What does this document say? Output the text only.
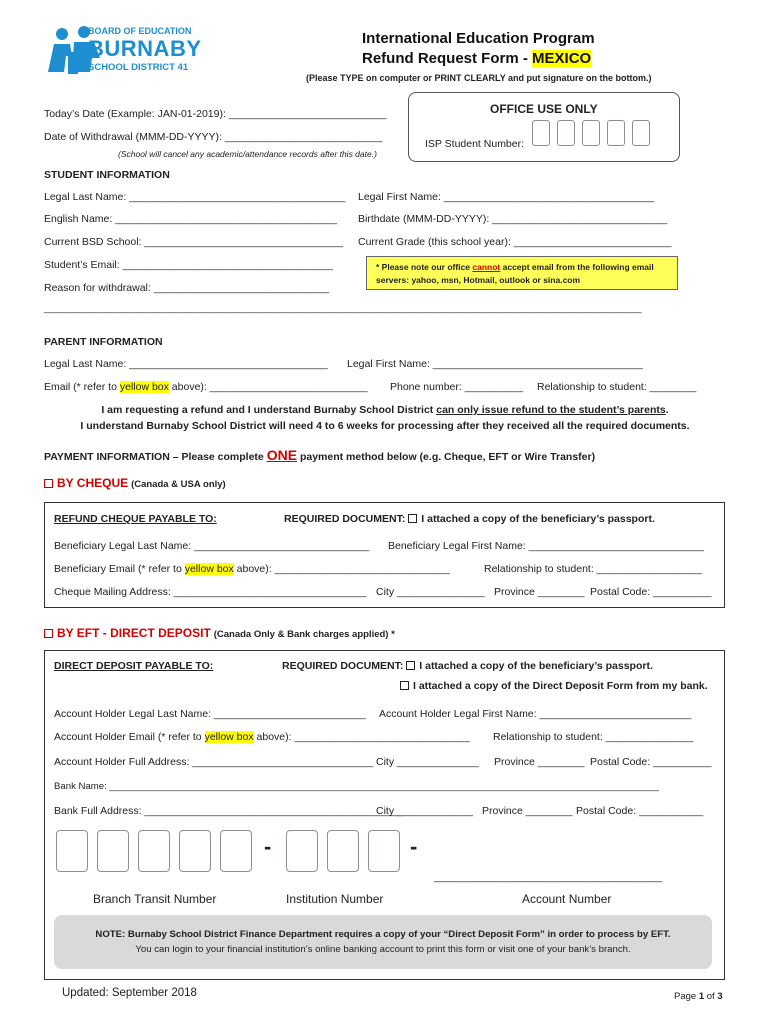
BOARD OF EDUCATION
BURNABY
SCHOOL DISTRICT 41
International Education Program
Refund Request Form - MEXICO
(Please TYPE on computer or PRINT CLEARLY and put signature on the bottom.)
Today’s Date (Example: JAN-01-2019): ___________________________
Date of Withdrawal (MMM-DD-YYYY): ___________________________
(School will cancel any academic/attendance records after this date.)
OFFICE USE ONLY
ISP Student Number:
STUDENT INFORMATION
Legal Last Name: _____________________________________ Legal First Name: ____________________________________
English Name: ______________________________________ Birthdate (MMM-DD-YYYY): ______________________________
Current BSD School: __________________________________ Current Grade (this school year): ___________________________
Student’s Email: ____________________________________
Reason for withdrawal: ______________________________
________________________________________________________________________________________________________________
* Please note our office cannot accept email from the following email
servers: yahoo, msn, Hotmail, outlook or sina.com
PARENT INFORMATION
Legal Last Name: __________________________________ Legal First Name: ____________________________________
Email (* refer to yellow box above): ___________________________ Phone number: __________ Relationship to student: ________
I am requesting a refund and I understand Burnaby School District can only issue refund to the student’s parents.
I understand Burnaby School District will need 4 to 6 weeks for processing after they received all the required documents.
PAYMENT INFORMATION – Please complete ONE payment method below (e.g. Cheque, EFT or Wire Transfer)
BY CHEQUE (Canada & USA only)
REFUND CHEQUE PAYABLE TO:	REQUIRED DOCUMENT: I attached a copy of the beneficiary’s passport.
Beneficiary Legal Last Name: ______________________________ Beneficiary Legal First Name: ______________________________
Beneficiary Email (* refer to yellow box above): ______________________________	Relationship to student: __________________
Cheque Mailing Address: _________________________________ City _______________ Province ________ Postal Code: __________
BY EFT - DIRECT DEPOSIT (Canada Only & Bank charges applied) *
DIRECT DEPOSIT PAYABLE TO:	REQUIRED DOCUMENT: I attached a copy of the beneficiary’s passport.
I attached a copy of the Direct Deposit Form from my bank.
Account Holder Legal Last Name: __________________________ Account Holder Legal First Name: __________________________
Account Holder Email (* refer to yellow box above): ______________________________ Relationship to student: _______________
Account Holder Full Address: _______________________________ City ______________ Province ________ Postal Code: __________
Bank Name: _______________________________________________________________________________________________________
Bank Full Address: ____________________________________________
City _____________ Province ________ Postal Code: ___________
-	-
_________________________________________
Branch Transit Number	Institution Number	Account Number
NOTE: Burnaby School District Finance Department requires a copy of your “Direct Deposit Form” in order to process by EFT.
You can login to your financial institution’s online banking account to print this form or visit one of your bank’s branch.
Updated: September 2018	Page 1 of 3
